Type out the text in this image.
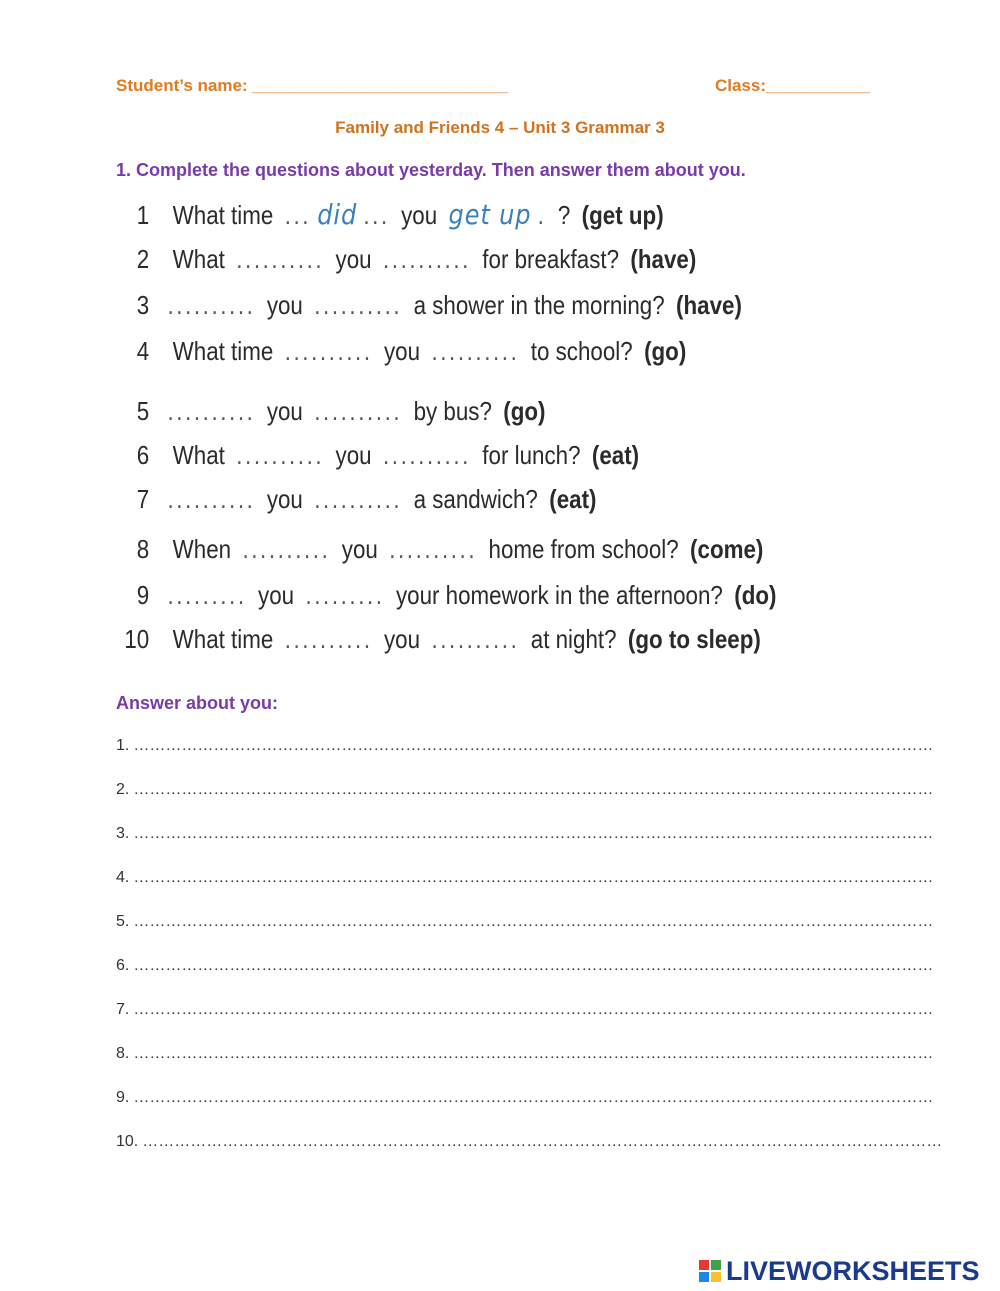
Student’s name: ___________________________	Class:___________
Family and Friends 4 – Unit 3 Grammar 3
1. Complete the questions about yesterday. Then answer them about you.
1 What time ... did ... you get up . ? (get up)
2 What .......... you .......... for breakfast? (have)
3 .......... you .......... a shower in the morning? (have)
4 What time .......... you .......... to school? (go)
5 .......... you .......... by bus? (go)
6 What .......... you .......... for lunch? (eat)
7 .......... you .......... a sandwich? (eat)
8 When .......... you .......... home from school? (come)
9 ......... you ......... your homework in the afternoon? (do)
10 What time .......... you .......... at night? (go to sleep)
Answer about you:
1. ……………………………………………………………………………………………………………………………………
2. ……………………………………………………………………………………………………………………………………
3. ……………………………………………………………………………………………………………………………………
4. ……………………………………………………………………………………………………………………………………
5. ……………………………………………………………………………………………………………………………………
6. ……………………………………………………………………………………………………………………………………
7. ……………………………………………………………………………………………………………………………………
8. ……………………………………………………………………………………………………………………………………
9. ……………………………………………………………………………………………………………………………………
10. ……………………………………………………………………………………………………………………………………
LIVEWORKSHEETS
